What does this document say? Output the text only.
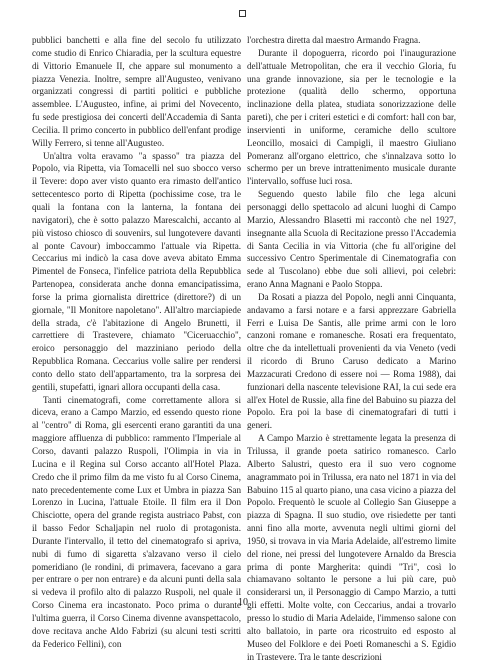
pubblici banchetti e alla fine del secolo fu utilizzato come studio di Enrico Chiaradia, per la scultura equestre di Vittorio Emanuele II, che appare sul monumento a piazza Venezia. Inoltre, sempre all'Augusteo, venivano organizzati congressi di partiti politici e pubbliche assemblee. L'Augusteo, infine, ai primi del Novecento, fu sede prestigiosa dei concerti dell'Accademia di Santa Cecilia. Il primo concerto in pubblico dell'enfant prodige Willy Ferrero, si tenne all'Augusteo.

Un'altra volta eravamo "a spasso" tra piazza del Popolo, via Ripetta, via Tomacelli nel suo sbocco verso il Tevere: dopo aver visto quanto era rimasto dell'antico settecentesco porto di Ripetta (pochissime cose, tra le quali la fontana con la lanterna, la fontana dei navigatori), che è sotto palazzo Marescalchi, accanto al più vistoso chiosco di souvenirs, sul lungotevere davanti al ponte Cavour) imboccammo l'attuale via Ripetta. Ceccarius mi indicò la casa dove aveva abitato Emma Pimentel de Fonseca, l'infelice patriota della Repubblica Partenopea, considerata anche donna emancipatissima, forse la prima giornalista direttrice (direttore?) di un giornale, "Il Monitore napoletano". All'altro marciapiede della strada, c'è l'abitazione di Angelo Brunetti, il carrettiere di Trastevere, chiamato "Ciceruacchio", eroico personaggio del mazziniano periodo della Repubblica Romana. Ceccarius volle salire per rendersi conto dello stato dell'appartamento, tra la sorpresa dei gentili, stupefatti, ignari allora occupanti della casa.

Tanti cinematografi, come correttamente allora si diceva, erano a Campo Marzio, ed essendo questo rione al "centro" di Roma, gli esercenti erano garantiti da una maggiore affluenza di pubblico: rammento l'Imperiale al Corso, davanti palazzo Ruspoli, l'Olimpia in via in Lucina e il Regina sul Corso accanto all'Hotel Plaza. Credo che il primo film da me visto fu al Corso Cinema, nato precedentemente come Lux et Umbra in piazza San Lorenzo in Lucina, l'attuale Etoile. Il film era il Don Chisciotte, opera del grande regista austriaco Pabst, con il basso Fedor Schaljapin nel ruolo di protagonista. Durante l'intervallo, il tetto del cinematografo si apriva, nubi di fumo di sigaretta s'alzavano verso il cielo pomeridiano (le rondini, di primavera, facevano a gara per entrare o per non entrare) e da alcuni punti della sala si vedeva il profilo alto di palazzo Ruspoli, nel quale il Corso Cinema era incastonato. Poco prima o durante l'ultima guerra, il Corso Cinema divenne avanspettacolo, dove recitava anche Aldo Fabrizi (su alcuni testi scritti da Federico Fellini), con

l'orchestra diretta dal maestro Armando Fragna.

Durante il dopoguerra, ricordo poi l'inaugurazione dell'attuale Metropolitan, che era il vecchio Gloria, fu una grande innovazione, sia per le tecnologie e la protezione (qualità dello schermo, opportuna inclinazione della platea, studiata sonorizzazione delle pareti), che per i criteri estetici e di comfort: hall con bar, inservienti in uniforme, ceramiche dello scultore Leoncillo, mosaici di Campigli, il maestro Giuliano Pomeranz all'organo elettrico, che s'innalzava sotto lo schermo per un breve intrattenimento musicale durante l'intervallo, soffuse luci rosa.

Seguendo questo labile filo che lega alcuni personaggi dello spettacolo ad alcuni luoghi di Campo Marzio, Alessandro Blasetti mi raccontò che nel 1927, insegnante alla Scuola di Recitazione presso l'Accademia di Santa Cecilia in via Vittoria (che fu all'origine del successivo Centro Sperimentale di Cinematografia con sede al Tuscolano) ebbe due soli allievi, poi celebri: erano Anna Magnani e Paolo Stoppa.

Da Rosati a piazza del Popolo, negli anni Cinquanta, andavamo a farsi notare e a farsi apprezzare Gabriella Ferri e Luisa De Santis, alle prime armi con le loro canzoni romane e romanesche. Rosati era frequentato, oltre che da intellettuali provenienti da via Veneto (vedi il ricordo di Bruno Caruso dedicato a Marino Mazzacurati Credono di essere noi — Roma 1988), dai funzionari della nascente televisione RAI, la cui sede era all'ex Hotel de Russie, alla fine del Babuino su piazza del Popolo. Era poi la base di cinematografari di tutti i generi.

A Campo Marzio è strettamente legata la presenza di Trilussa, il grande poeta satirico romanesco. Carlo Alberto Salustri, questo era il suo vero cognome anagrammato poi in Trilussa, era nato nel 1871 in via del Babuino 115 al quarto piano, una casa vicino a piazza del Popolo. Frequentò le scuole al Collegio San Giuseppe a piazza di Spagna. Il suo studio, ove risiedette per tanti anni fino alla morte, avvenuta negli ultimi giorni del 1950, si trovava in via Maria Adelaide, all'estremo limite del rione, nei pressi del lungotevere Arnaldo da Brescia prima di ponte Margherita: quindi "Tri", così lo chiamavano soltanto le persone a lui più care, può considerarsi un, il Personaggio di Campo Marzio, a tutti gli effetti. Molte volte, con Ceccarius, andai a trovarlo presso lo studio di Maria Adelaide, l'immenso salone con alto ballatoio, in parte ora ricostruito ed esposto al Museo del Folklore e dei Poeti Romaneschi a S. Egidio in Trastevere. Tra le tante descrizioni

10
